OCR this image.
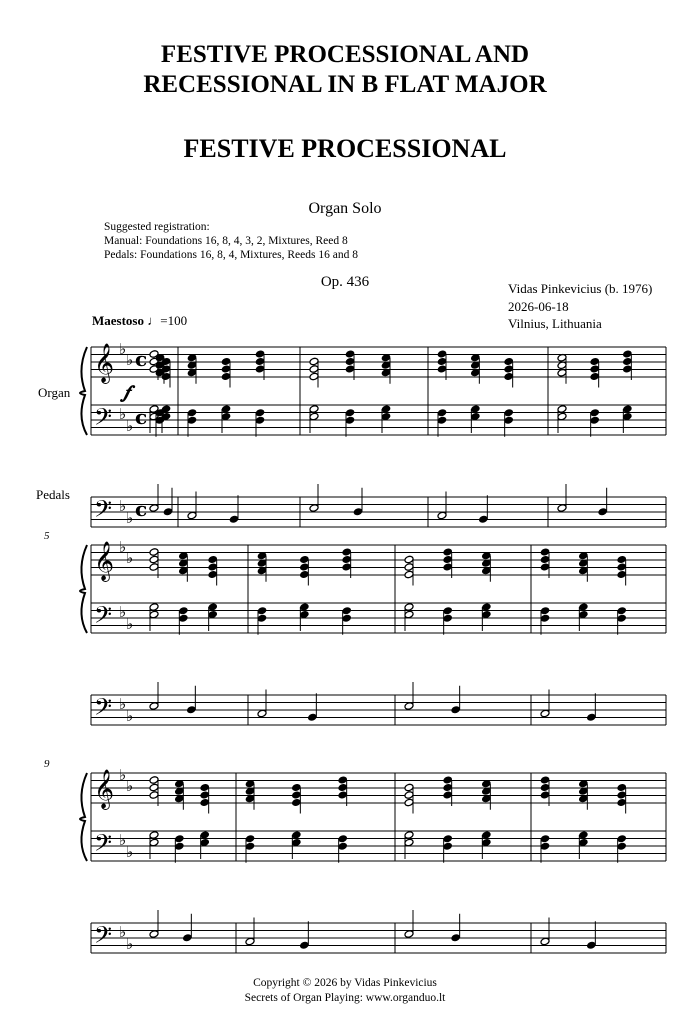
FESTIVE PROCESSIONAL AND
RECESSIONAL IN B FLAT MAJOR
FESTIVE PROCESSIONAL
Organ Solo
Suggested registration:
Manual: Foundations 16, 8, 4, 3, 2, Mixtures, Reed 8
Pedals: Foundations 16, 8, 4, Mixtures, Reeds 16 and 8
Op. 436	Vidas Pinkevicius (b. 1976)
2026-06-18
Vilnius, Lithuania
Maestoso ♩=100
Organ
Pedals
5
9
𝄞
𝄢
𝄢
♭
♭
♭
♭
♭
♭
c
c
c
𝆑
𝄞
𝄢
𝄢
♭
♭
♭
♭
♭
♭
𝄞
𝄢
𝄢
♭
♭
♭
♭
♭
♭
Copyright © 2026 by Vidas Pinkevicius
Secrets of Organ Playing: www.organduo.lt
